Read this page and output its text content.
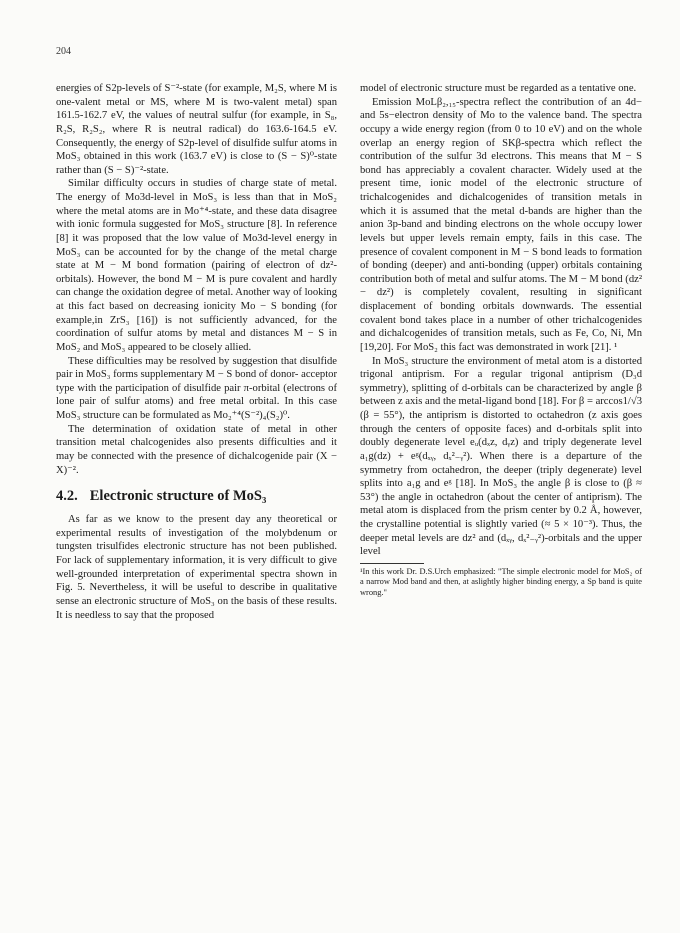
204

energies of S2p-levels of S⁻²-state (for example, M₂S, where M is one-valent metal or MS, where M is two-valent metal) span 161.5-162.7 eV, the values of neutral sulfur (for example, in S₈, R₂S, R₂S₂, where R is neutral radical) do 163.6-164.5 eV. Consequently, the energy of S2p-level of disulfide sulfur atoms in MoS₃ obtained in this work (163.7 eV) is close to (S − S)⁰-state rather than (S − S)⁻²-state.

Similar difficulty occurs in studies of charge state of metal. The energy of Mo3d-level in MoS₃ is less than that in MoS₂ where the metal atoms are in Mo⁺⁴-state, and these data disagree with ionic formula suggested for MoS₃ structure [8]. In reference [8] it was proposed that the low value of Mo3d-level energy in MoS₃ can be accounted for by the change of the metal charge state at M − M bond formation (pairing of electron of dᴢ²-orbitals). However, the bond M − M is pure covalent and hardly can change the oxidation degree of metal. Another way of looking at this fact based on decreasing ionicity Mo − S bonding (for example,in ZrS₃ [16]) is not sufficiently advanced, for the coordination of sulfur atoms by metal and distances M − S in MoS₂ and MoS₃ appeared to be closely allied.

These difficulties may be resolved by suggestion that disulfide pair in MoS₃ forms supplementary M − S bond of donor- acceptor type with the participation of disulfide pair π-orbital (electrons of lone pair of sulfur atoms) and free metal orbital. In this case MoS₃ structure can be formulated as Mo₂⁺⁴(S⁻²)₄(S₂)⁰.

The determination of oxidation state of metal in other transition metal chalcogenides also presents difficulties and it may be connected with the presence of dichalcogenide pair (X − X)⁻².

4.2. Electronic structure of MoS₃

As far as we know to the present day any theoretical or experimental results of investigation of the molybdenum or tungsten trisulfides electronic structure has not been published. For lack of supplementary information, it is very difficult to give well-grounded interpretation of experimental spectra shown in Fig. 5. Nevertheless, it will be useful to describe in qualitative sense an electronic structure of MoS₃ on the basis of these results. It is needless to say that the proposed

model of electronic structure must be regarded as a tentative one.

Emission MoLβ₂,₁₅-spectra reflect the contribution of an 4d− and 5s−electron density of Mo to the valence band. The spectra occupy a wide energy region (from 0 to 10 eV) and on the whole overlap an energy region of SKβ-spectra which reflect the contribution of the sulfur 3d electrons. This means that M − S bond has appreciably a covalent character. Widely used at the present time, ionic model of the electronic structure of trichalcogenides and dichalcogenides of transition metals in which it is assumed that the metal d-bands are higher than the anion 3p-band and binding electrons on the whole occupy lower levels but upper levels remain empty, fails in this case. The presence of covalent component in M − S bond leads to formation of bonding (deeper) and anti-bonding (upper) orbitals containing contribution both of metal and sulfur atoms. The M − M bond (dᴢ² − dᴢ²) is completely covalent, resulting in significant displacement of bonding orbitals downwards. The essential covalent bond takes place in a number of other trichalcogenides and dichalcogenides of transition metals, such as Fe, Co, Ni, Mn [19,20]. For MoS₂ this fact was demonstrated in work [21]. ¹

In MoS₃ structure the environment of metal atom is a distorted trigonal antiprism. For a regular trigonal antiprism (D₃d symmetry), splitting of d-orbitals can be characterized by angle β between z axis and the metal-ligand bond [18]. For β = arccos1/√3 (β = 55°), the antiprism is distorted to octahedron (z axis goes through the centers of opposite faces) and d-orbitals split into doubly degenerate level eᵤ(dₓᴢ, dᵧᴢ) and triply degenerate level a₁g(dᴢ) + eᵍ(dₓᵧ, dₓ²₋ᵧ²). When there is a departure of the symmetry from octahedron, the deeper (triply degenerate) level splits into a₁g and eᵍ [18]. In MoS₃ the angle β is close to (β ≈ 53°) the angle in octahedron (about the center of antiprism). The metal atom is displaced from the prism center by 0.2 Å, however, the crystalline potential is slightly varied (≈ 5 × 10⁻³). Thus, the deeper metal levels are dᴢ² and (dₓᵧ, dₓ²₋ᵧ²)-orbitals and the upper level

¹In this work Dr. D.S.Urch emphasized: "The simple electronic model for MoS₂ of a narrow Mod band and then, at aslightly higher binding energy, a Sp band is quite wrong."
